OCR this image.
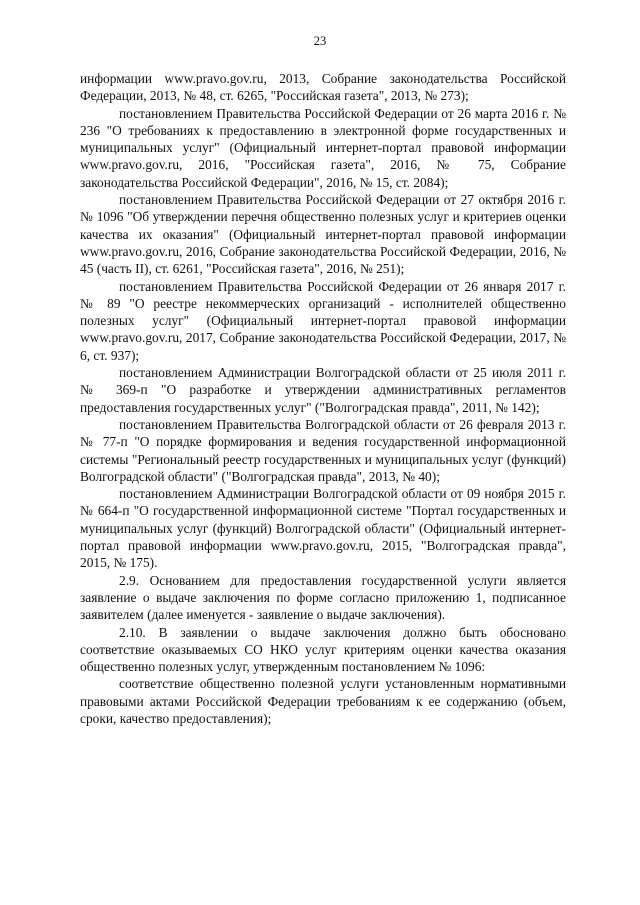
23

информации www.pravo.gov.ru, 2013, Собрание законодательства Российской Федерации, 2013, № 48, ст. 6265, "Российская газета", 2013, № 273);

постановлением Правительства Российской Федерации от 26 марта 2016 г. № 236 "О требованиях к предоставлению в электронной форме государственных и муниципальных услуг" (Официальный интернет-портал правовой информации www.pravo.gov.ru, 2016, "Российская газета", 2016, № 75, Собрание законодательства Российской Федерации", 2016, № 15, ст. 2084);

постановлением Правительства Российской Федерации от 27 октября 2016 г. № 1096 "Об утверждении перечня общественно полезных услуг и критериев оценки качества их оказания" (Официальный интернет-портал правовой информации www.pravo.gov.ru, 2016, Собрание законодательства Российской Федерации, 2016, № 45 (часть II), ст. 6261, "Российская газета", 2016, № 251);

постановлением Правительства Российской Федерации от 26 января 2017 г. № 89 "О реестре некоммерческих организаций - исполнителей общественно полезных услуг" (Официальный интернет-портал правовой информации www.pravo.gov.ru, 2017, Собрание законодательства Российской Федерации, 2017, № 6, ст. 937);

постановлением Администрации Волгоградской области от 25 июля 2011 г. № 369-п "О разработке и утверждении административных регламентов предоставления государственных услуг" ("Волгоградская правда", 2011, № 142);

постановлением Правительства Волгоградской области от 26 февраля 2013 г. № 77-п "О порядке формирования и ведения государственной информационной системы "Региональный реестр государственных и муниципальных услуг (функций) Волгоградской области" ("Волгоградская правда", 2013, № 40);

постановлением Администрации Волгоградской области от 09 ноября 2015 г. № 664-п "О государственной информационной системе "Портал государственных и муниципальных услуг (функций) Волгоградской области" (Официальный интернет-портал правовой информации www.pravo.gov.ru, 2015, "Волгоградская правда", 2015, № 175).

2.9. Основанием для предоставления государственной услуги является заявление о выдаче заключения по форме согласно приложению 1, подписанное заявителем (далее именуется - заявление о выдаче заключения).

2.10. В заявлении о выдаче заключения должно быть обосновано соответствие оказываемых СО НКО услуг критериям оценки качества оказания общественно полезных услуг, утвержденным постановлением № 1096:

соответствие общественно полезной услуги установленным нормативными правовыми актами Российской Федерации требованиям к ее содержанию (объем, сроки, качество предоставления);
